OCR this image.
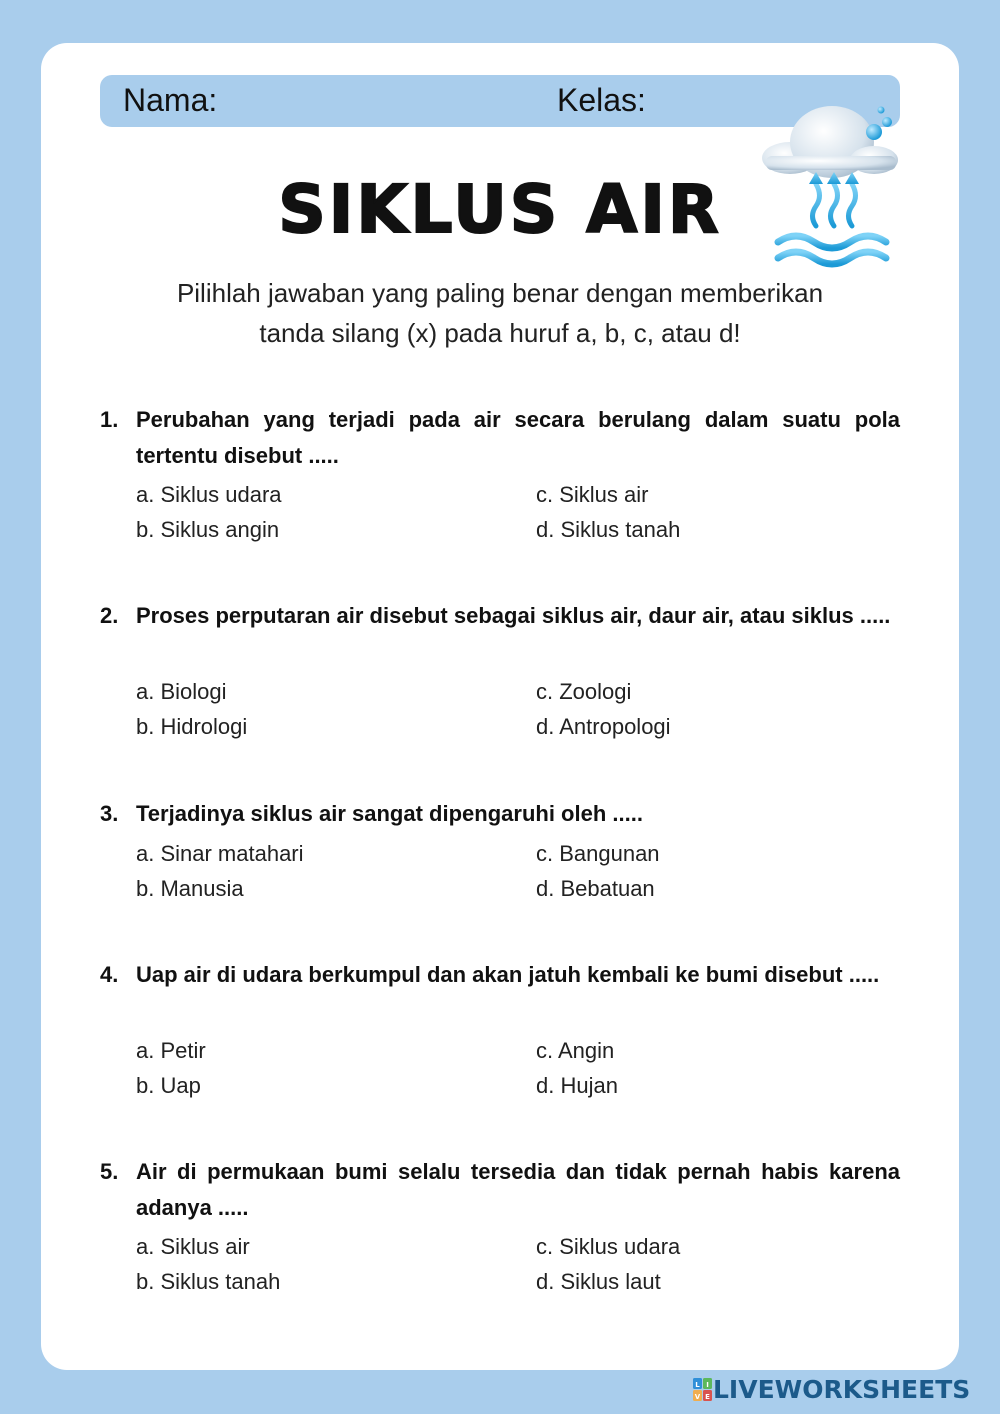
Nama:	Kelas:
SIKLUS AIR
Pilihlah jawaban yang paling benar dengan memberikan
tanda silang (x) pada huruf a, b, c, atau d!
1. Perubahan yang terjadi pada air secara berulang dalam suatu pola tertentu disebut .....
a. Siklus udara
b. Siklus angin
c. Siklus air
d. Siklus tanah
2. Proses perputaran air disebut sebagai siklus air, daur air, atau siklus .....
a. Biologi
b. Hidrologi
c. Zoologi
d. Antropologi
3. Terjadinya siklus air sangat dipengaruhi oleh .....
a. Sinar matahari
b. Manusia
c. Bangunan
d. Bebatuan
4. Uap air di udara berkumpul dan akan jatuh kembali ke bumi disebut .....
a. Petir
b. Uap
c. Angin
d. Hujan
5. Air di permukaan bumi selalu tersedia dan tidak pernah habis karena adanya .....
a. Siklus air
b. Siklus tanah
c. Siklus udara
d. Siklus laut
L I
V E LIVEWORKSHEETS
